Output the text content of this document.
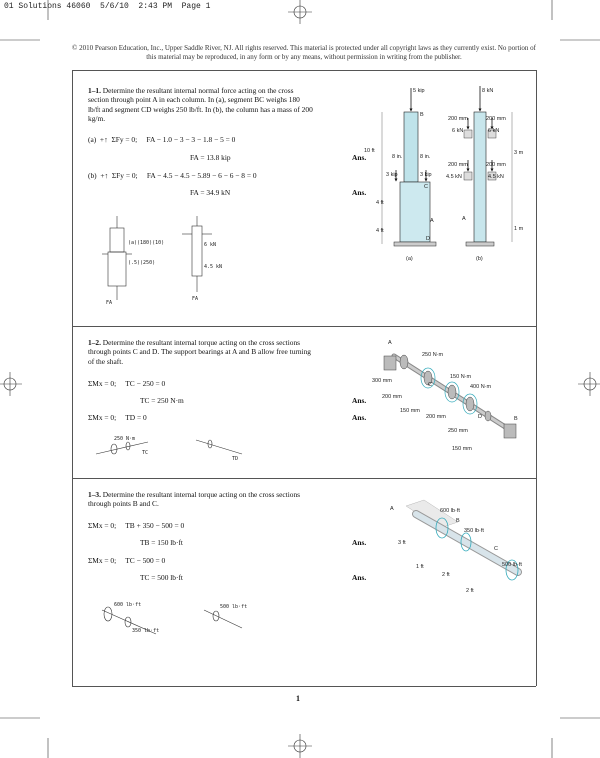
01 Solutions 46060  5/6/10  2:43 PM  Page 1
© 2010 Pearson Education, Inc., Upper Saddle River, NJ. All rights reserved. This material is protected under all copyright laws as they currently exist. No portion of this material may be reproduced, in any form or by any means, without permission in writing from the publisher.
1–1. Determine the resultant internal normal force acting on the cross section through point A in each column. In (a), segment BC weighs 180 lb/ft and segment CD weighs 250 lb/ft. In (b), the column has a mass of 200 kg/m.
(a)  +↑  ΣFy = 0;     FA − 1.0 − 3 − 3 − 1.8 − 5 = 0
FA = 13.8 kip	Ans.
(b)  +↑  ΣFy = 0;     FA − 4.5 − 4.5 − 5.89 − 6 − 6 − 8 = 0
FA = 34.9 kN	Ans.
(a)(180)(10)
(.5)(250)
6 kN
4.5 kN
FA
FA
5 kip
B
10 ft
8 in.	8 in.
3 kip	3 kip
C
4 ft
A
4 ft
D
(a)
8 kN
200 mm	200 mm
6 kN	6 kN
3 m
200 mm	200 mm
4.5 kN	4.5 kN
A
1 m
(b)
1–2. Determine the resultant internal torque acting on the cross sections through points C and D. The support bearings at A and B allow free turning of the shaft.
ΣMx = 0;     TC − 250 = 0
TC = 250 N·m	Ans.
ΣMx = 0;     TD = 0	Ans.
250 N·m
TC
TD
A
250 N·m
150 N·m
400 N·m
300 mm
C
200 mm
150 mm
200 mm	D	B
250 mm
150 mm
1–3. Determine the resultant internal torque acting on the cross sections through points B and C.
ΣMx = 0;     TB + 350 − 500 = 0
TB = 150 lb·ft	Ans.
ΣMx = 0;     TC − 500 = 0
TC = 500 lb·ft	Ans.
600 lb·ft
350 lb·ft
500 lb·ft
A	600 lb·ft
B
350 lb·ft
3 ft
C
500 lb·ft
1 ft
2 ft
2 ft
1
